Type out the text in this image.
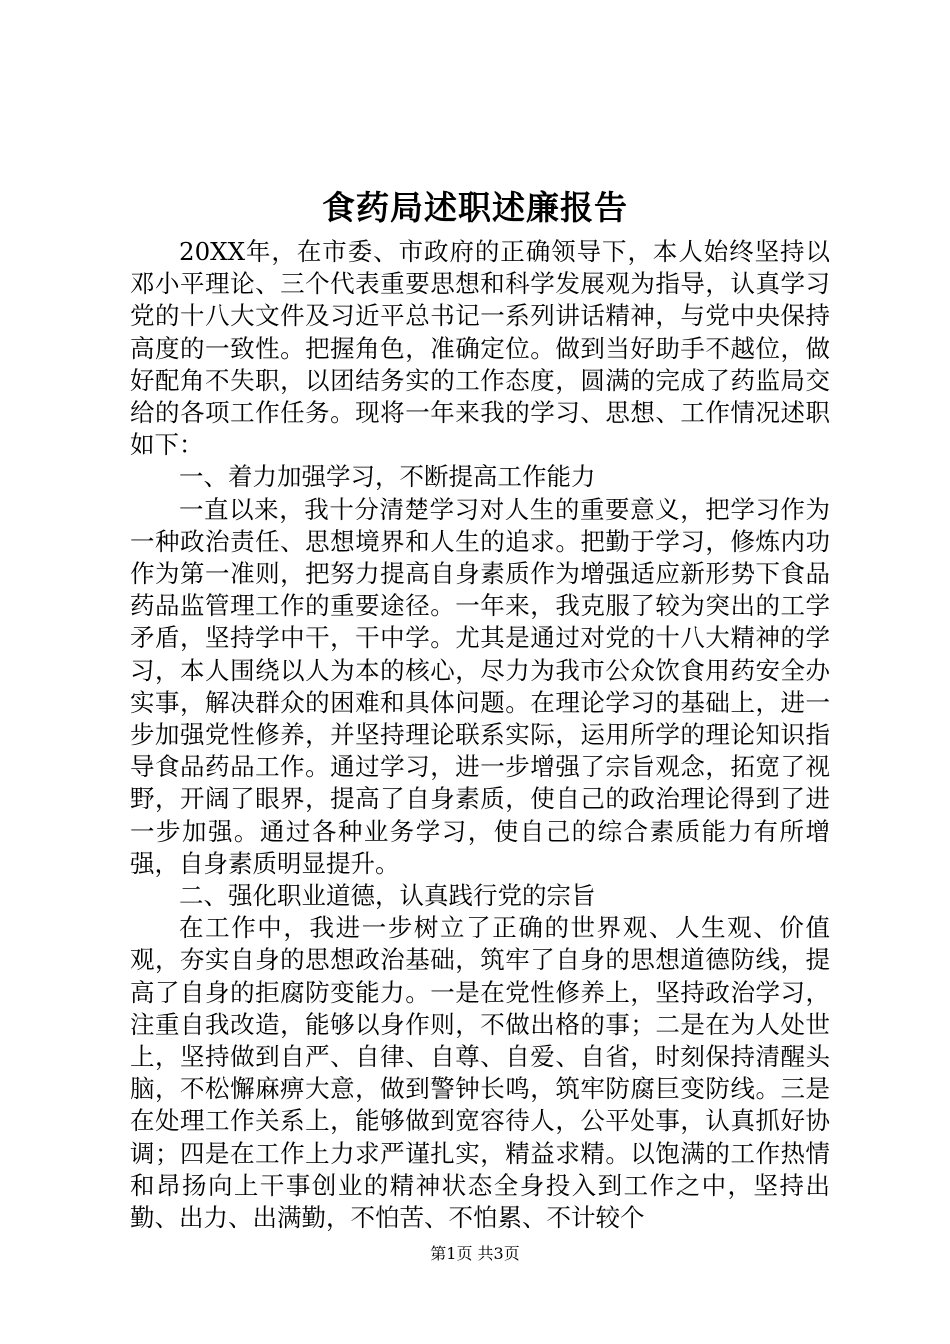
食药局述职述廉报告

20XX年，在市委、市政府的正确领导下，本人始终坚持以邓小平理论、三个代表重要思想和科学发展观为指导，认真学习党的十八大文件及习近平总书记一系列讲话精神，与党中央保持高度的一致性。把握角色，准确定位。做到当好助手不越位，做好配角不失职，以团结务实的工作态度，圆满的完成了药监局交给的各项工作任务。现将一年来我的学习、思想、工作情况述职如下：

一、着力加强学习，不断提高工作能力

一直以来，我十分清楚学习对人生的重要意义，把学习作为一种政治责任、思想境界和人生的追求。把勤于学习，修炼内功作为第一准则，把努力提高自身素质作为增强适应新形势下食品药品监管理工作的重要途径。一年来，我克服了较为突出的工学矛盾，坚持学中干，干中学。尤其是通过对党的十八大精神的学习，本人围绕以人为本的核心，尽力为我市公众饮食用药安全办实事，解决群众的困难和具体问题。在理论学习的基础上，进一步加强党性修养，并坚持理论联系实际，运用所学的理论知识指导食品药品工作。通过学习，进一步增强了宗旨观念，拓宽了视野，开阔了眼界，提高了自身素质，使自己的政治理论得到了进一步加强。通过各种业务学习，使自己的综合素质能力有所增强，自身素质明显提升。

二、强化职业道德，认真践行党的宗旨

在工作中，我进一步树立了正确的世界观、人生观、价值观，夯实自身的思想政治基础，筑牢了自身的思想道德防线，提高了自身的拒腐防变能力。一是在党性修养上，坚持政治学习，注重自我改造，能够以身作则，不做出格的事；二是在为人处世上，坚持做到自严、自律、自尊、自爱、自省，时刻保持清醒头脑，不松懈麻痹大意，做到警钟长鸣，筑牢防腐巨变防线。三是在处理工作关系上，能够做到宽容待人，公平处事，认真抓好协调；四是在工作上力求严谨扎实，精益求精。以饱满的工作热情和昂扬向上干事创业的精神状态全身投入到工作之中，坚持出勤、出力、出满勤，不怕苦、不怕累、不计较个

第1页 共3页
